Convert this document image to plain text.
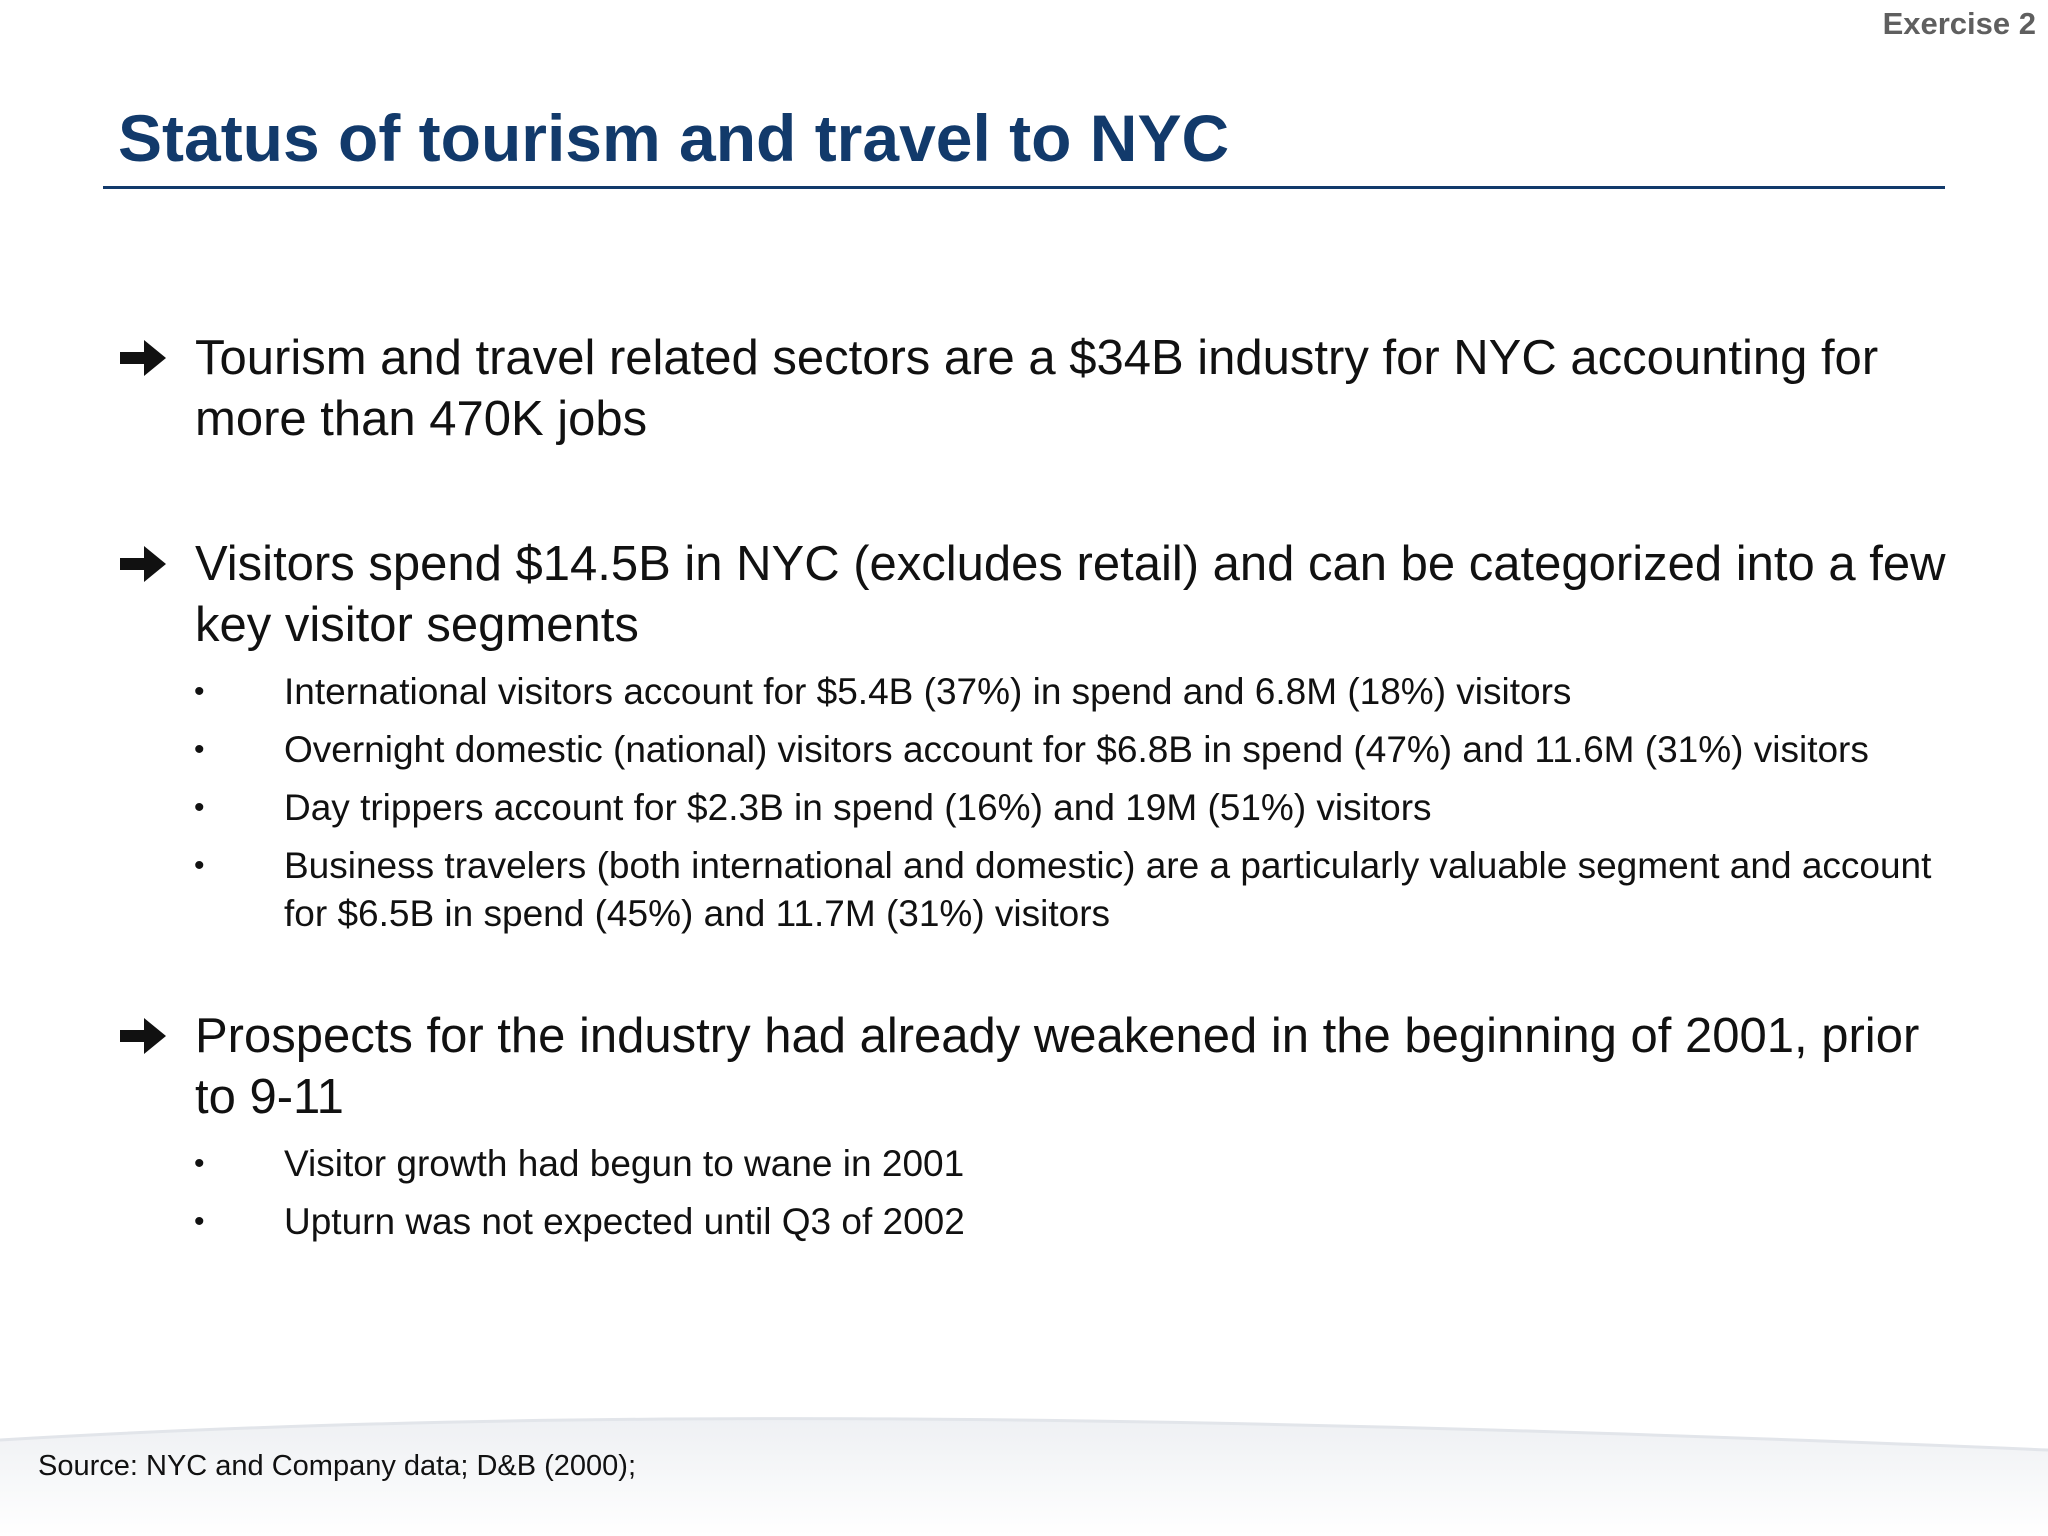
Exercise 2
Status of tourism and travel to NYC
Tourism and travel related sectors are a $34B industry for NYC accounting for more than 470K jobs
Visitors spend $14.5B in NYC (excludes retail) and can be categorized into a few key visitor segments
• International visitors account for $5.4B (37%) in spend and 6.8M (18%) visitors
• Overnight domestic (national) visitors account for $6.8B in spend (47%) and 11.6M (31%) visitors
• Day trippers account for $2.3B in spend (16%) and 19M (51%) visitors
• Business travelers (both international and domestic) are a particularly valuable segment and account for $6.5B in spend (45%) and 11.7M (31%) visitors
Prospects for the industry had already weakened in the beginning of 2001, prior to 9-11
• Visitor growth had begun to wane in 2001
• Upturn was not expected until Q3 of 2002
Source: NYC and Company data; D&B (2000);
